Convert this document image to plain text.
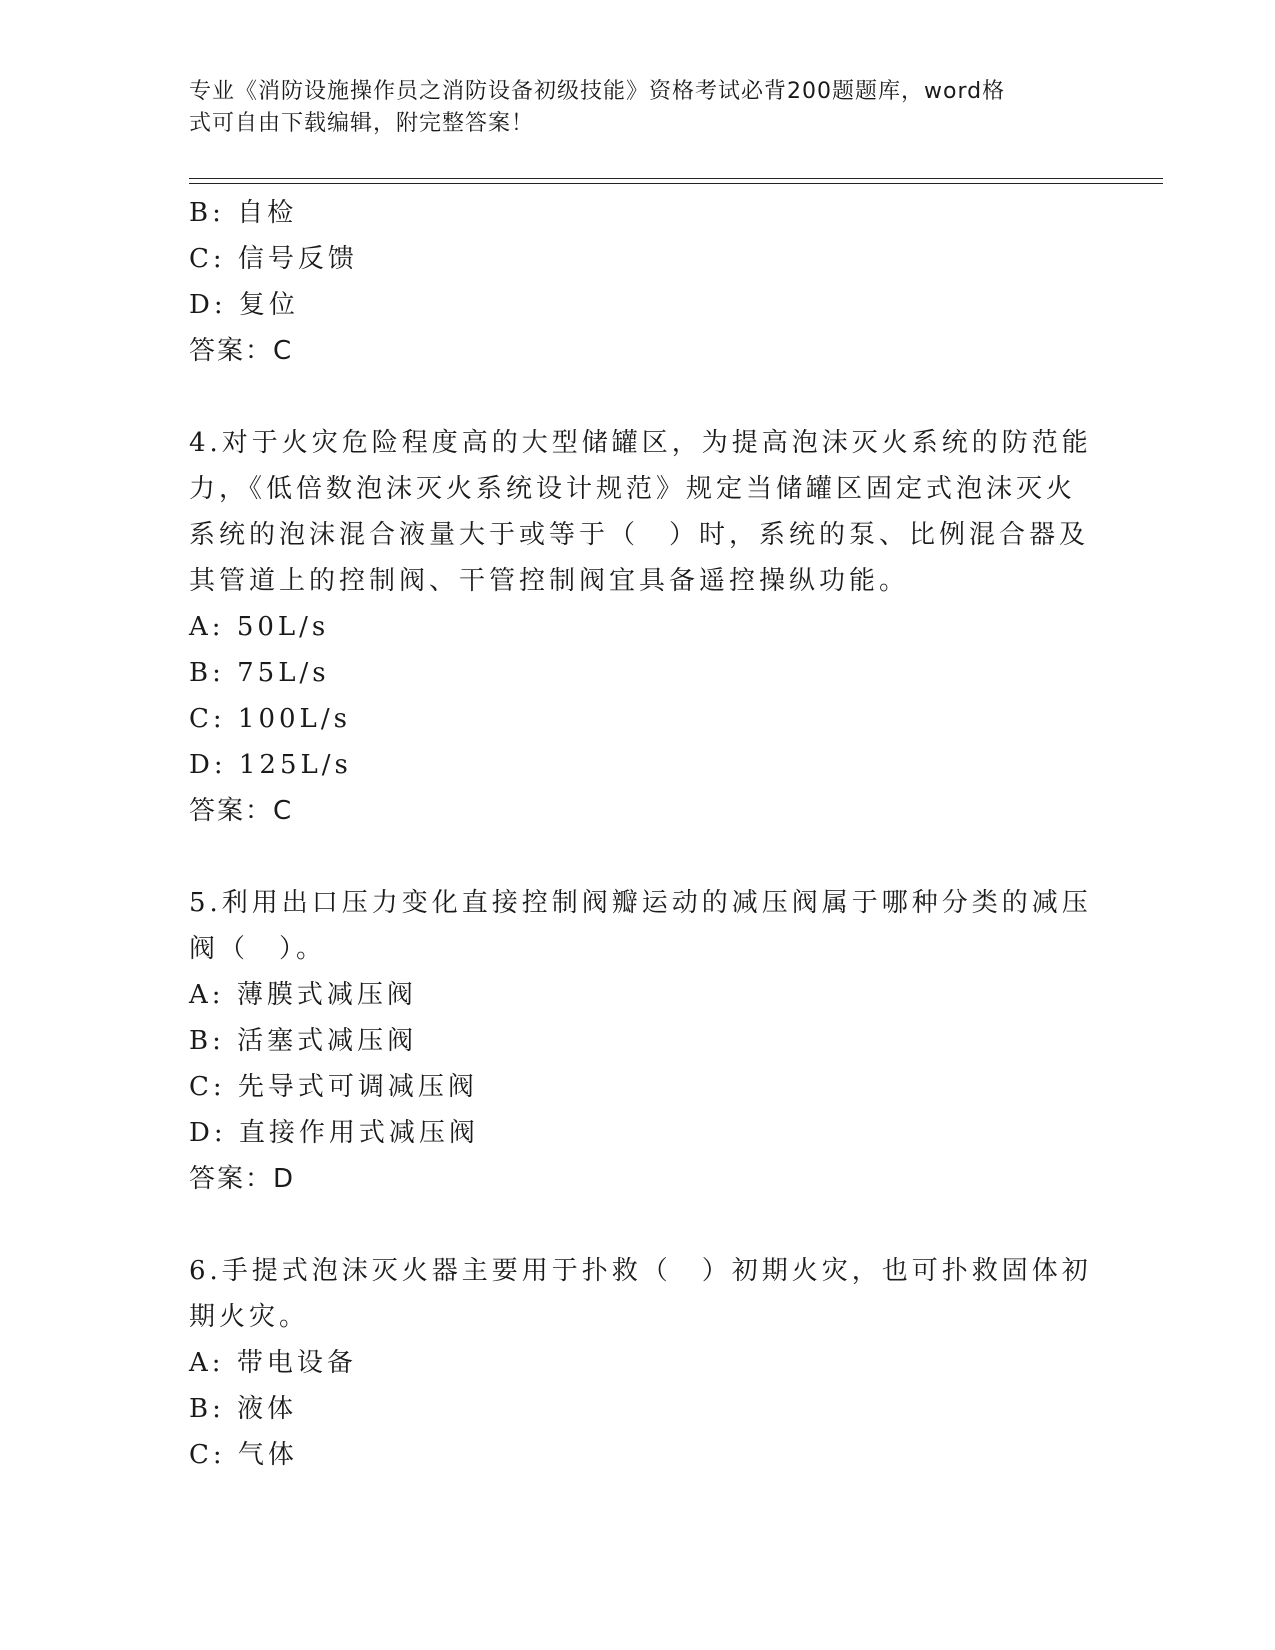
专业《消防设施操作员之消防设备初级技能》资格考试必背200题题库，word格
式可自由下载编辑，附完整答案！
B: 自检
C: 信号反馈
D: 复位
答案：C
4.对于火灾危险程度高的大型储罐区，为提高泡沫灭火系统的防范能
力，《低倍数泡沫灭火系统设计规范》规定当储罐区固定式泡沫灭火
系统的泡沫混合液量大于或等于（　）时，系统的泵、比例混合器及
其管道上的控制阀、干管控制阀宜具备遥控操纵功能。
A: 50L/s
B: 75L/s
C: 100L/s
D: 125L/s
答案：C
5.利用出口压力变化直接控制阀瓣运动的减压阀属于哪种分类的减压
阀（　）。
A: 薄膜式减压阀
B: 活塞式减压阀
C: 先导式可调减压阀
D: 直接作用式减压阀
答案：D
6.手提式泡沫灭火器主要用于扑救（　）初期火灾，也可扑救固体初
期火灾。
A: 带电设备
B: 液体
C: 气体
